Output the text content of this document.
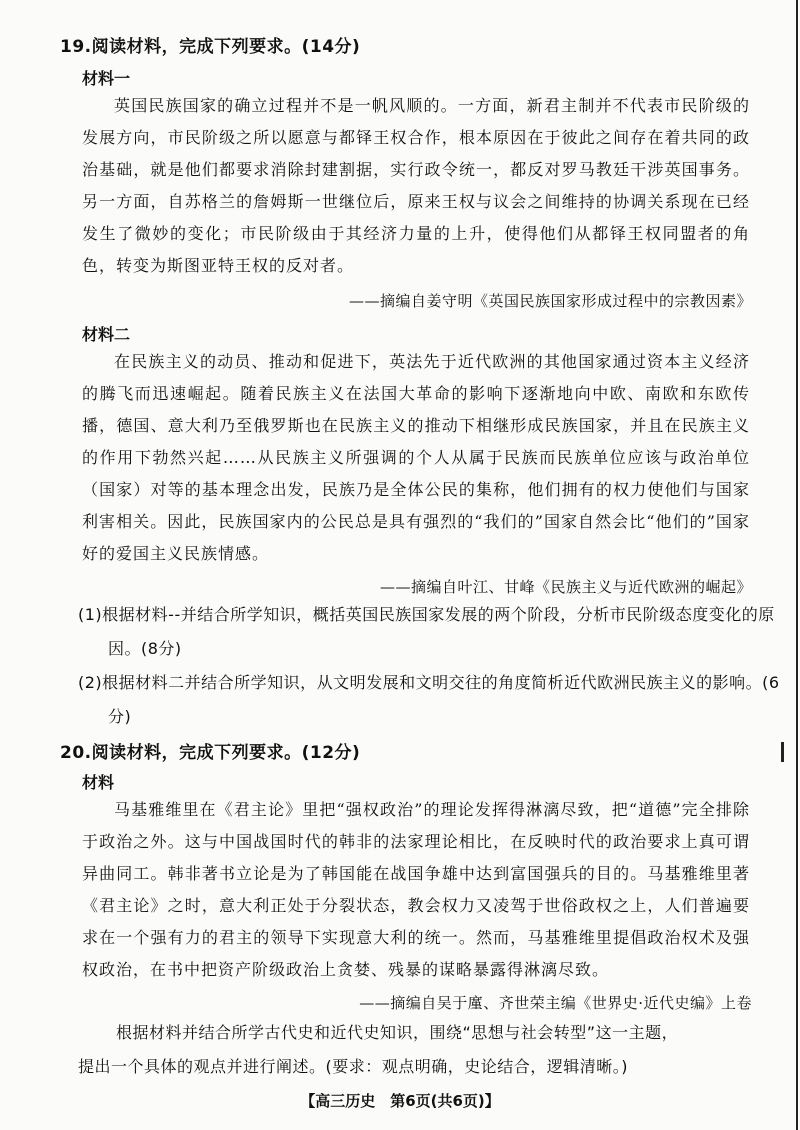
19.阅读材料，完成下列要求。(14分)
材料一
英国民族国家的确立过程并不是一帆风顺的。一方面，新君主制并不代表市民阶级的发展方向，市民阶级之所以愿意与都铎王权合作，根本原因在于彼此之间存在着共同的政治基础，就是他们都要求消除封建割据，实行政令统一，都反对罗马教廷干涉英国事务。另一方面，自苏格兰的詹姆斯一世继位后，原来王权与议会之间维持的协调关系现在已经发生了微妙的变化；市民阶级由于其经济力量的上升，使得他们从都铎王权同盟者的角色，转变为斯图亚特王权的反对者。
——摘编自姜守明《英国民族国家形成过程中的宗教因素》
材料二
在民族主义的动员、推动和促进下，英法先于近代欧洲的其他国家通过资本主义经济的腾飞而迅速崛起。随着民族主义在法国大革命的影响下逐渐地向中欧、南欧和东欧传播，德国、意大利乃至俄罗斯也在民族主义的推动下相继形成民族国家，并且在民族主义的作用下勃然兴起……从民族主义所强调的个人从属于民族而民族单位应该与政治单位（国家）对等的基本理念出发，民族乃是全体公民的集称，他们拥有的权力使他们与国家利害相关。因此，民族国家内的公民总是具有强烈的“我们的”国家自然会比“他们的”国家好的爱国主义民族情感。
——摘编自叶江、甘峰《民族主义与近代欧洲的崛起》
(1)根据材料--并结合所学知识，概括英国民族国家发展的两个阶段，分析市民阶级态度变化的原因。(8分)
(2)根据材料二并结合所学知识，从文明发展和文明交往的角度简析近代欧洲民族主义的影响。(6分)
20.阅读材料，完成下列要求。(12分)
材料
马基雅维里在《君主论》里把“强权政治”的理论发挥得淋漓尽致，把“道德”完全排除于政治之外。这与中国战国时代的韩非的法家理论相比，在反映时代的政治要求上真可谓异曲同工。韩非著书立论是为了韩国能在战国争雄中达到富国强兵的目的。马基雅维里著《君主论》之时，意大利正处于分裂状态，教会权力又凌驾于世俗政权之上，人们普遍要求在一个强有力的君主的领导下实现意大利的统一。然而，马基雅维里提倡政治权术及强权政治，在书中把资产阶级政治上贪婪、残暴的谋略暴露得淋漓尽致。
——摘编自吴于廑、齐世荣主编《世界史·近代史编》上卷
根据材料并结合所学古代史和近代史知识，围绕“思想与社会转型”这一主题，
提出一个具体的观点并进行阐述。(要求：观点明确，史论结合，逻辑清晰。)
【高三历史　第6页(共6页)】
